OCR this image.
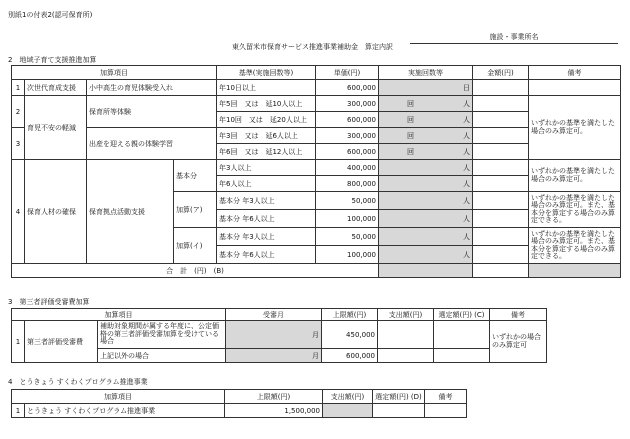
別紙1の付表2(認可保育所)
施設・事業所名
東久留米市保育サービス推進事業補助金　算定内訳
2　地域子育て支援推進加算
加算項目				基準(実施回数等)	単価(円)	実施回数等	金額(円)	備考
1	次世代育成支援	小中高生の育児体験受入れ		年10日以上	600,000	日		
2	育児不安の軽減	保育所等体験		年5回　又は　延10人以上	300,000	回 人		いずれかの基準を満たした場合のみ算定可。
				年10回　又は　延20人以上	600,000	回 人		

3		出産を迎える親の体験学習		年3回　又は　延6人以上	300,000	回 人		

				年6回　又は　延12人以上	600,000	回 人		

4	保育人材の確保	保育拠点活動支援	基本分	年3人以上	400,000	人		いずれかの基準を満たした場合のみ算定可。
				年6人以上	800,000	人		
			加算(ア)	基本分 年3人以上	50,000	人		いずれかの基準を満たした場合のみ算定可。また、基本分を算定する場合のみ算定できる。
				基本分 年6人以上	100,000	人		
			加算(イ)	基本分 年3人以上	50,000	人		いずれかの基準を満たした場合のみ算定可。また、基本分を算定する場合のみ算定できる。
				基本分 年6人以上	100,000	人		
合　計　(円)　(B)								
3　第三者評価受審費加算
加算項目			受審月	上限額(円)	支出額(円)	選定額(円) (C)	備考
1	第三者評価受審費	補助対象期間が属する年度に、公定価格の第三者評価受審加算を受けている場合	月	450,000			いずれかの場合のみ算定可
		上記以外の場合	月	600,000			
4　とうきょう すくわくプログラム推進事業
加算項目		上限額(円)	支出額(円)	選定額(円) (D)	備考
1	とうきょう すくわくプログラム推進事業	1,500,000			
